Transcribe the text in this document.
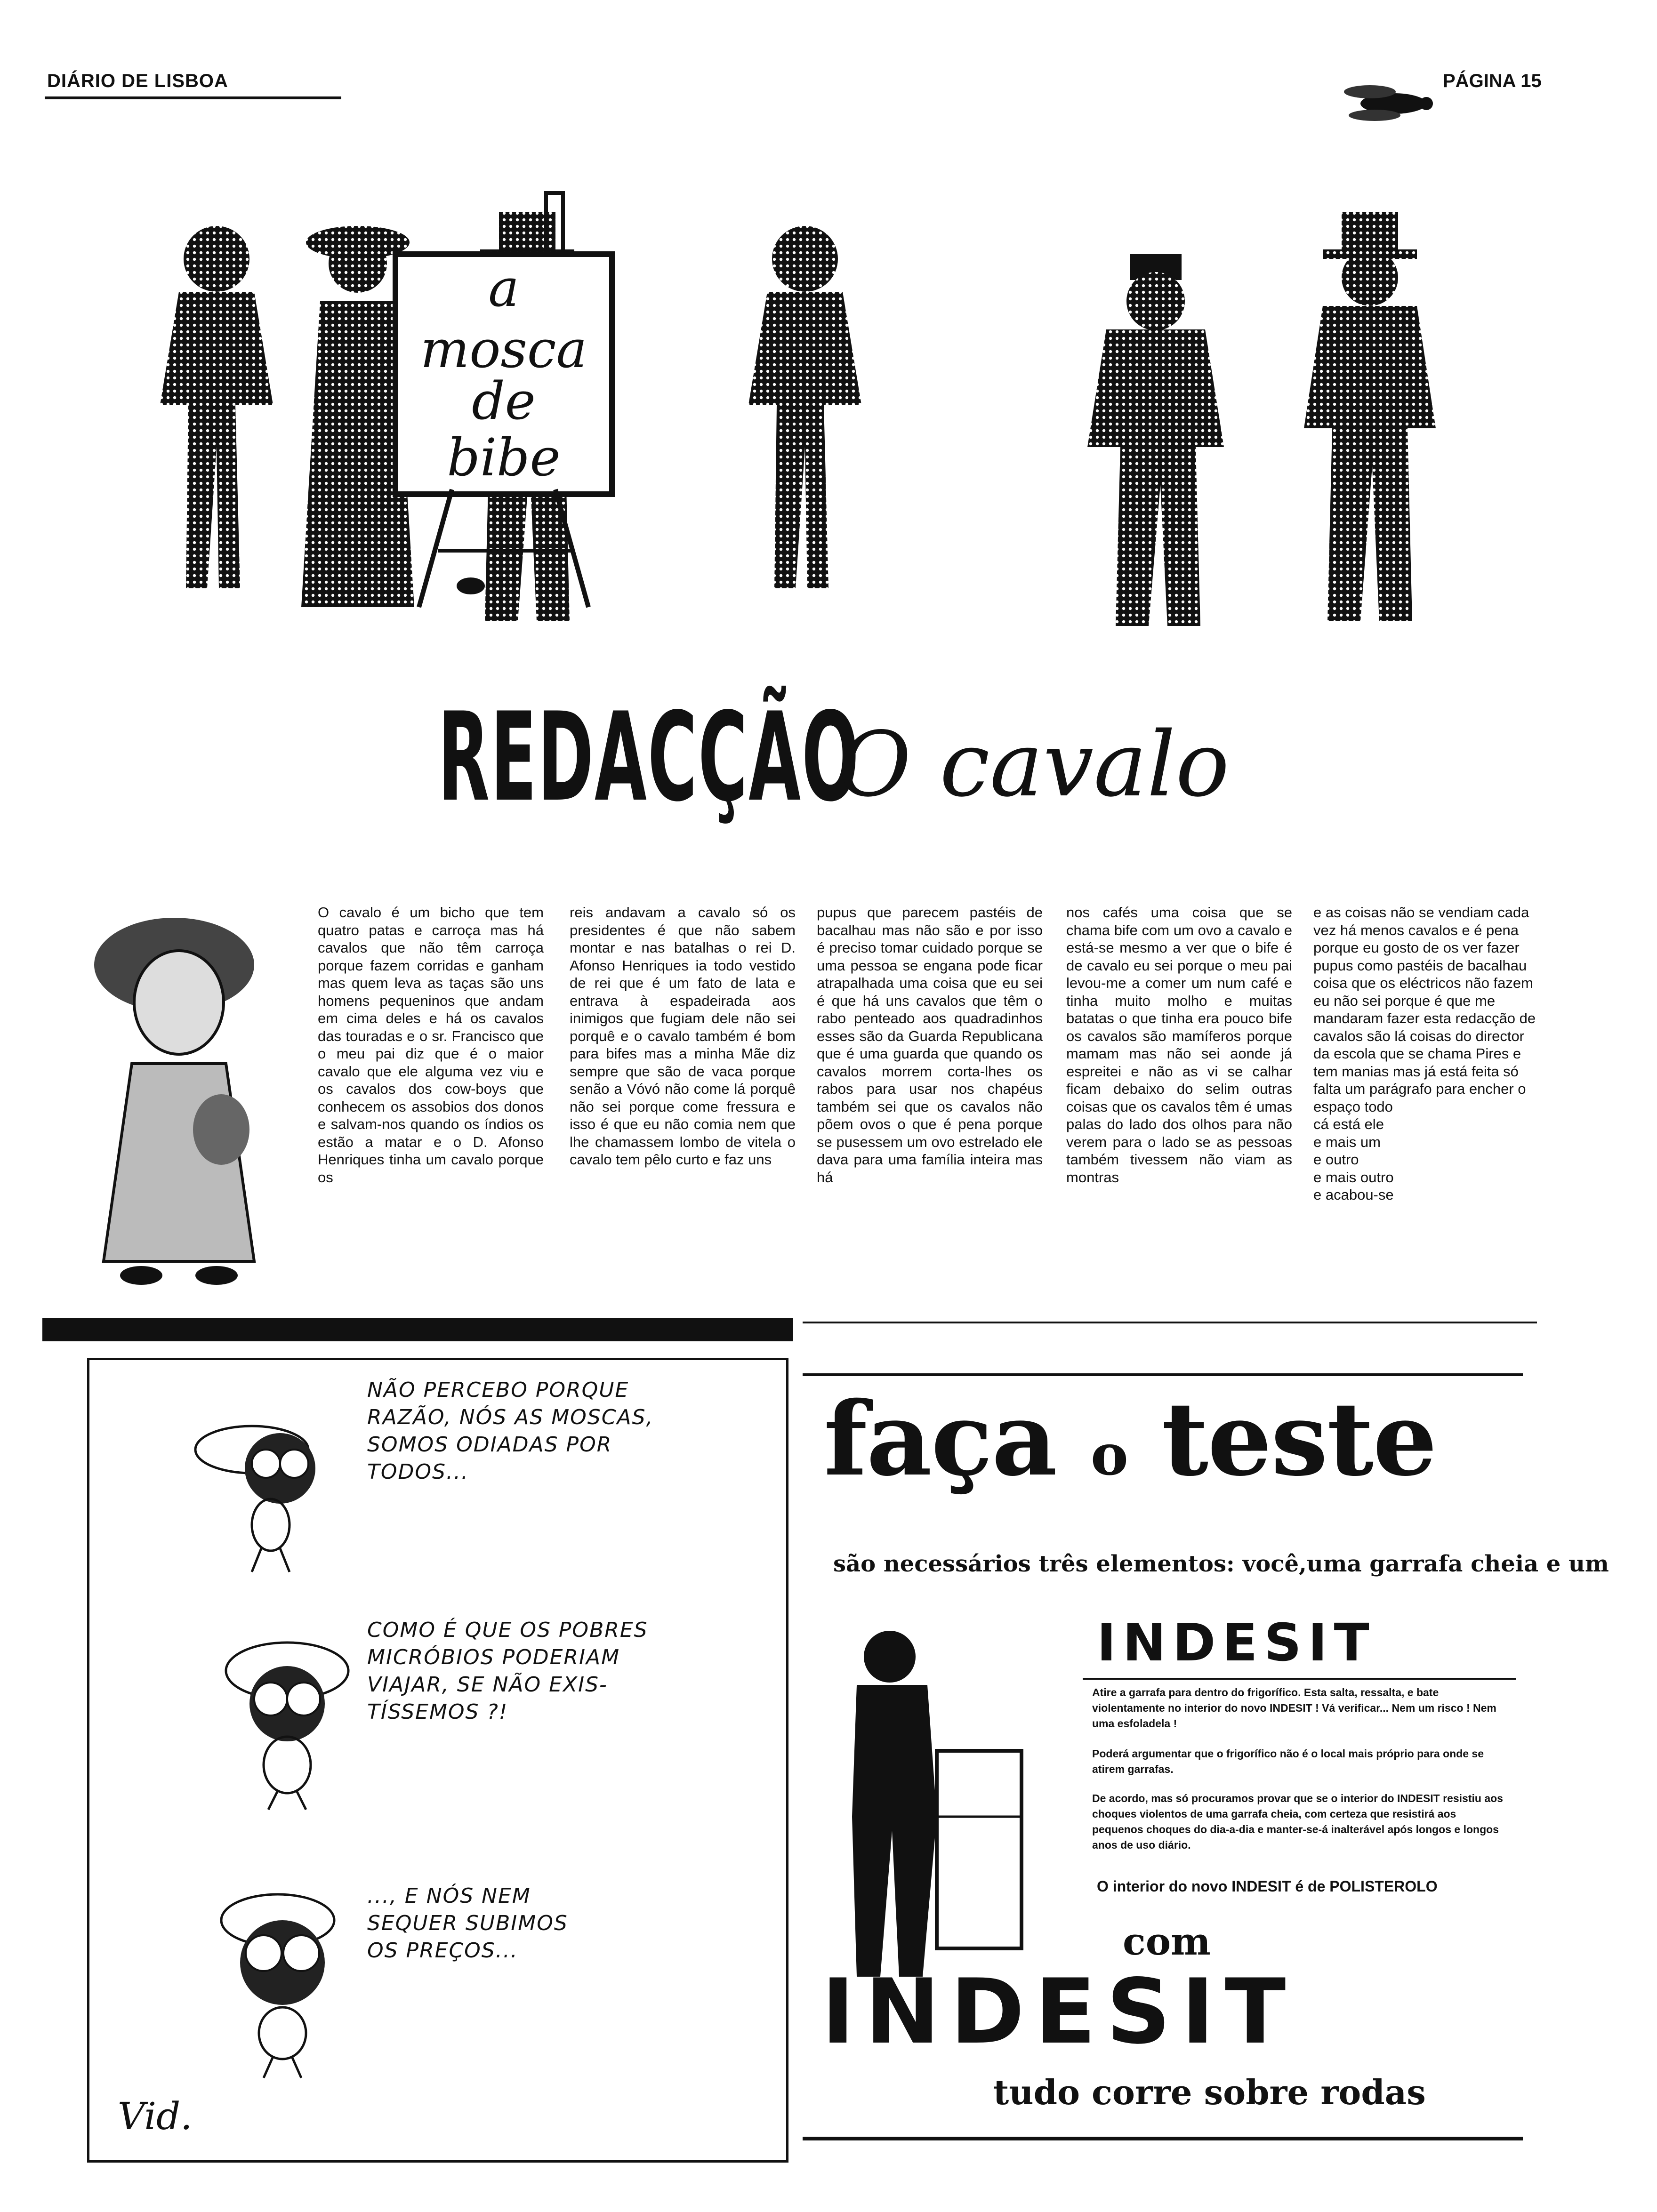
DIÁRIO DE LISBOA	PÁGINA 15
a
mosca
de
bibe
REDACÇÃO
O cavalo
O cavalo é um bicho que tem quatro patas e carroça mas há cavalos que não têm carroça porque fazem corridas e ganham mas quem leva as taças são uns homens pequeninos que andam em cima deles e há os cavalos das touradas e o sr. Francisco que o meu pai diz que é o maior cavalo que ele alguma vez viu e os cavalos dos cow-boys que conhecem os assobios dos donos e salvam-nos quando os índios os estão a matar e o D. Afonso Henriques tinha um cavalo porque os
reis andavam a cavalo só os presidentes é que não sabem montar e nas batalhas o rei D. Afonso Henriques ia todo vestido de rei que é um fato de lata e entrava à espadeirada aos inimigos que fugiam dele não sei porquê e o cavalo também é bom para bifes mas a minha Mãe diz sempre que são de vaca porque senão a Vóvó não come lá porquê não sei porque come fressura e isso é que eu não comia nem que lhe chamassem lombo de vitela o cavalo tem pêlo curto e faz uns
pupus que parecem pastéis de bacalhau mas não são e por isso é preciso tomar cuidado porque se uma pessoa se engana pode ficar atrapalhada uma coisa que eu sei é que há uns cavalos que têm o rabo penteado aos quadradinhos esses são da Guarda Republicana que é uma guarda que quando os cavalos morrem corta-lhes os rabos para usar nos chapéus também sei que os cavalos não põem ovos o que é pena porque se pusessem um ovo estrelado ele dava para uma família inteira mas há
nos cafés uma coisa que se chama bife com um ovo a cavalo e está-se mesmo a ver que o bife é de cavalo eu sei porque o meu pai levou-me a comer um num café e tinha muito molho e muitas batatas o que tinha era pouco bife os cavalos são mamíferos porque mamam mas não sei aonde já espreitei e não as vi se calhar ficam debaixo do selim outras coisas que os cavalos têm é umas palas do lado dos olhos para não verem para o lado se as pessoas também tivessem não viam as montras
e as coisas não se vendiam cada vez há menos cavalos e é pena porque eu gosto de os ver fazer pupus como pastéis de bacalhau coisa que os eléctricos não fazem eu não sei porque é que me mandaram fazer esta redacção de cavalos são lá coisas do director da escola que se chama Pires e tem manias mas já está feita só falta um parágrafo para encher o espaço todo
cá está ele
e mais um
e outro
e mais outro
e acabou-se
NÃO PERCEBO PORQUE
RAZÃO, NÓS AS MOSCAS,
SOMOS ODIADAS POR
TODOS...
COMO É QUE OS POBRES
MICRÓBIOS PODERIAM
VIAJAR, SE NÃO EXIS-
TÍSSEMOS ?!
..., E NÓS NEM
SEQUER SUBIMOS
OS PREÇOS...
Vid.
faça o teste
são necessários três elementos: você,uma garrafa cheia e um
INDESIT
Atire a garrafa para dentro do frigorífico. Esta salta, ressalta, e bate violentamente no interior do novo INDESIT ! Vá verificar... Nem um risco ! Nem uma esfoladela !
Poderá argumentar que o frigorífico não é o local mais próprio para onde se atirem garrafas.
De acordo, mas só procuramos provar que se o interior do INDESIT resistiu aos choques violentos de uma garrafa cheia, com certeza que resistirá aos pequenos choques do dia-a-dia e manter-se-á inalterável após longos e longos anos de uso diário.
O interior do novo INDESIT é de POLISTEROLO
com
INDESIT
tudo corre sobre rodas
